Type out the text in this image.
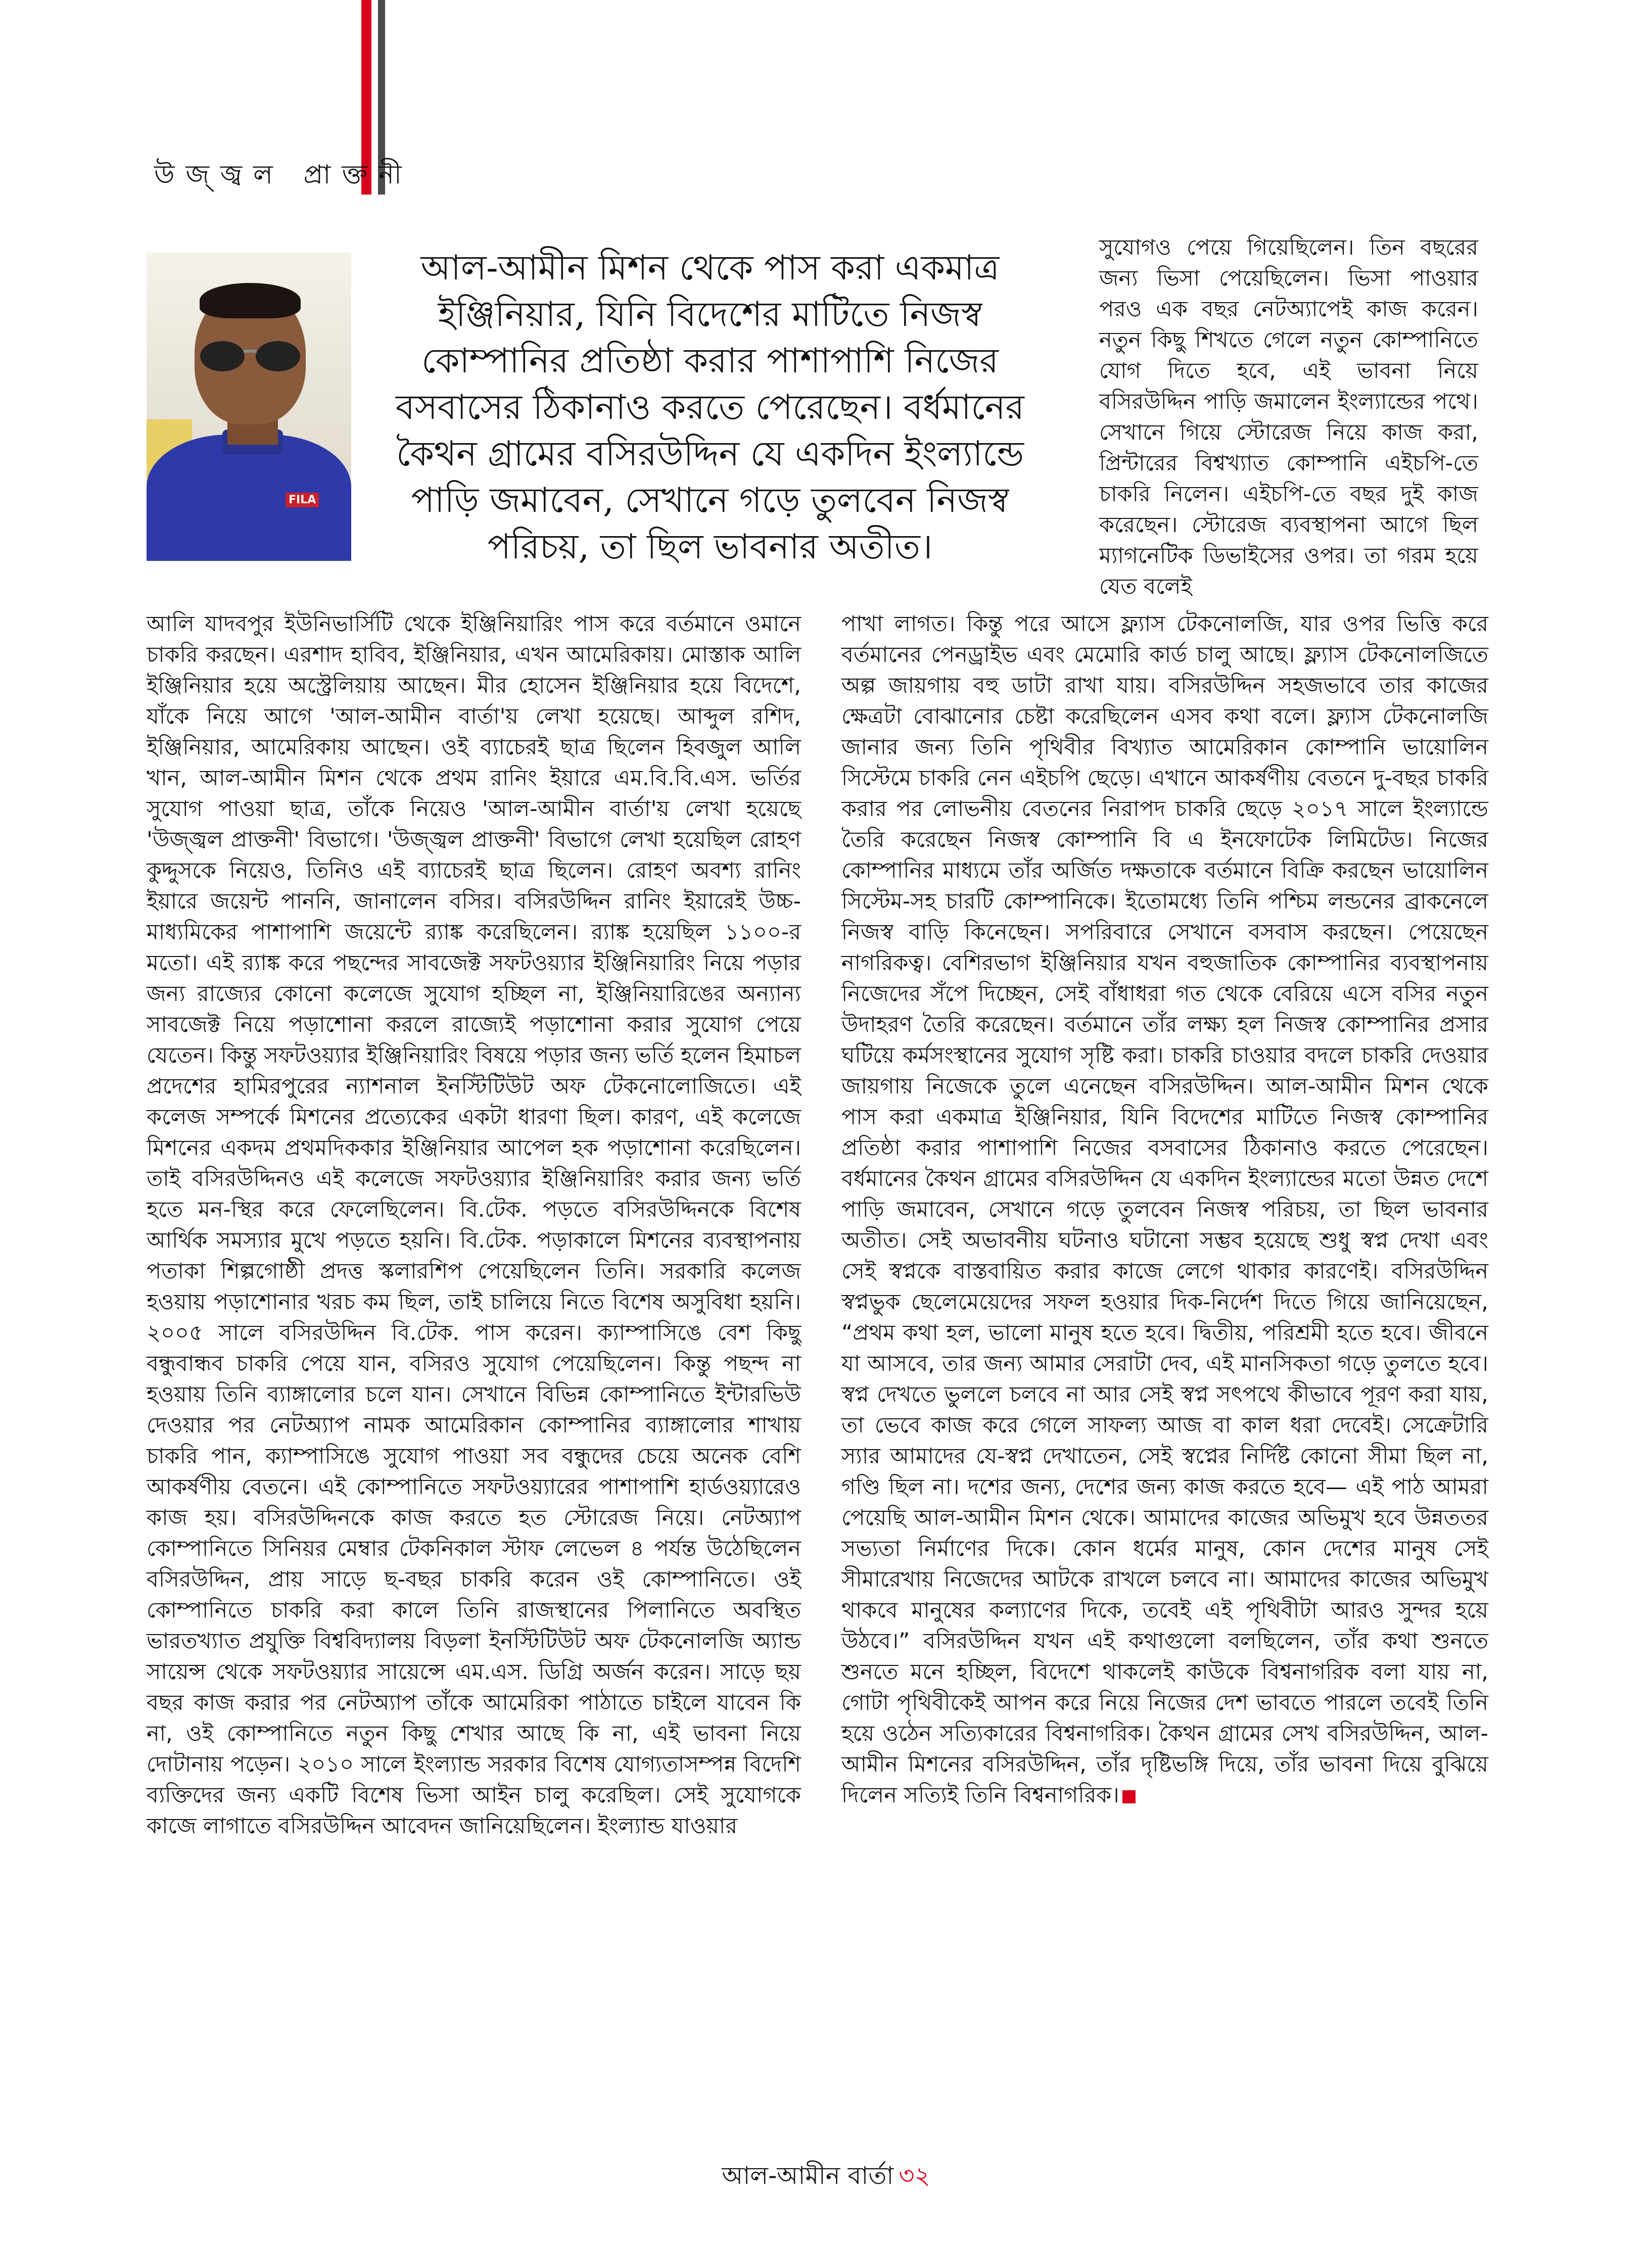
উজ্জ্বল প্রাক্তনী
FILA
আল-আমীন মিশন থেকে পাস করা একমাত্র ইঞ্জিনিয়ার, যিনি বিদেশের মাটিতে নিজস্ব কোম্পানির প্রতিষ্ঠা করার পাশাপাশি নিজের বসবাসের ঠিকানাও করতে পেরেছেন। বর্ধমানের কৈথন গ্রামের বসিরউদ্দিন যে একদিন ইংল্যান্ডে পাড়ি জমাবেন, সেখানে গড়ে তুলবেন নিজস্ব পরিচয়, তা ছিল ভাবনার অতীত।
সুযোগও পেয়ে গিয়েছিলেন। তিন বছরের জন্য ভিসা পেয়েছিলেন। ভিসা পাওয়ার পরও এক বছর নেটঅ্যাপেই কাজ করেন। নতুন কিছু শিখতে গেলে নতুন কোম্পানিতে যোগ দিতে হবে, এই ভাবনা নিয়ে বসিরউদ্দিন পাড়ি জমালেন ইংল্যান্ডের পথে। সেখানে গিয়ে স্টোরেজ নিয়ে কাজ করা, প্রিন্টারের বিশ্বখ্যাত কোম্পানি এইচপি-তে চাকরি নিলেন। এইচপি-তে বছর দুই কাজ করেছেন। স্টোরেজ ব্যবস্থাপনা আগে ছিল ম্যাগনেটিক ডিভাইসের ওপর। তা গরম হয়ে যেত বলেই
আলি যাদবপুর ইউনিভার্সিটি থেকে ইঞ্জিনিয়ারিং পাস করে বর্তমানে ওমানে চাকরি করছেন। এরশাদ হাবিব, ইঞ্জিনিয়ার, এখন আমেরিকায়। মোস্তাক আলি ইঞ্জিনিয়ার হয়ে অস্ট্রেলিয়ায় আছেন। মীর হোসেন ইঞ্জিনিয়ার হয়ে বিদেশে, যাঁকে নিয়ে আগে 'আল-আমীন বার্তা'য় লেখা হয়েছে। আব্দুল রশিদ, ইঞ্জিনিয়ার, আমেরিকায় আছেন। ওই ব্যাচেরই ছাত্র ছিলেন হিবজুল আলি খান, আল-আমীন মিশন থেকে প্রথম রানিং ইয়ারে এম.বি.বি.এস. ভর্তির সুযোগ পাওয়া ছাত্র, তাঁকে নিয়েও 'আল-আমীন বার্তা'য় লেখা হয়েছে 'উজ্জ্বল প্রাক্তনী' বিভাগে। 'উজ্জ্বল প্রাক্তনী' বিভাগে লেখা হয়েছিল রোহণ কুদ্দুসকে নিয়েও, তিনিও এই ব্যাচেরই ছাত্র ছিলেন। রোহণ অবশ্য রানিং ইয়ারে জয়েন্ট পাননি, জানালেন বসির। বসিরউদ্দিন রানিং ইয়ারেই উচ্চ-মাধ্যমিকের পাশাপাশি জয়েন্টে র‍্যাঙ্ক করেছিলেন। র‍্যাঙ্ক হয়েছিল ১১০০-র মতো। এই র‍্যাঙ্ক করে পছন্দের সাবজেক্ট সফটওয়্যার ইঞ্জিনিয়ারিং নিয়ে পড়ার জন্য রাজ্যের কোনো কলেজে সুযোগ হচ্ছিল না, ইঞ্জিনিয়ারিঙের অন্যান্য সাবজেক্ট নিয়ে পড়াশোনা করলে রাজ্যেই পড়াশোনা করার সুযোগ পেয়ে যেতেন। কিন্তু সফটওয়্যার ইঞ্জিনিয়ারিং বিষয়ে পড়ার জন্য ভর্তি হলেন হিমাচল প্রদেশের হামিরপুরের ন্যাশনাল ইনস্টিটিউট অফ টেকনোলোজিতে। এই কলেজ সম্পর্কে মিশনের প্রত্যেকের একটা ধারণা ছিল। কারণ, এই কলেজে মিশনের একদম প্রথমদিককার ইঞ্জিনিয়ার আপেল হক পড়াশোনা করেছিলেন। তাই বসিরউদ্দিনও এই কলেজে সফটওয়্যার ইঞ্জিনিয়ারিং করার জন্য ভর্তি হতে মন-স্থির করে ফেলেছিলেন। বি.টেক. পড়তে বসিরউদ্দিনকে বিশেষ আর্থিক সমস্যার মুখে পড়তে হয়নি। বি.টেক. পড়াকালে মিশনের ব্যবস্থাপনায় পতাকা শিল্পগোষ্ঠী প্রদত্ত স্কলারশিপ পেয়েছিলেন তিনি। সরকারি কলেজ হওয়ায় পড়াশোনার খরচ কম ছিল, তাই চালিয়ে নিতে বিশেষ অসুবিধা হয়নি। ২০০৫ সালে বসিরউদ্দিন বি.টেক. পাস করেন। ক্যাম্পাসিঙে বেশ কিছু বন্ধুবান্ধব চাকরি পেয়ে যান, বসিরও সুযোগ পেয়েছিলেন। কিন্তু পছন্দ না হওয়ায় তিনি ব্যাঙ্গালোর চলে যান। সেখানে বিভিন্ন কোম্পানিতে ইন্টারভিউ দেওয়ার পর নেটঅ্যাপ নামক আমেরিকান কোম্পানির ব্যাঙ্গালোর শাখায় চাকরি পান, ক্যাম্পাসিঙে সুযোগ পাওয়া সব বন্ধুদের চেয়ে অনেক বেশি আকর্ষণীয় বেতনে। এই কোম্পানিতে সফটওয়্যারের পাশাপাশি হার্ডওয়্যারেও কাজ হয়। বসিরউদ্দিনকে কাজ করতে হত স্টোরেজ নিয়ে। নেটঅ্যাপ কোম্পানিতে সিনিয়র মেম্বার টেকনিকাল স্টাফ লেভেল ৪ পর্যন্ত উঠেছিলেন বসিরউদ্দিন, প্রায় সাড়ে ছ-বছর চাকরি করেন ওই কোম্পানিতে। ওই কোম্পানিতে চাকরি করা কালে তিনি রাজস্থানের পিলানিতে অবস্থিত ভারতখ্যাত প্রযুক্তি বিশ্ববিদ্যালয় বিড়লা ইনস্টিটিউট অফ টেকনোলজি অ্যান্ড সায়েন্স থেকে সফটওয়্যার সায়েন্সে এম.এস. ডিগ্রি অর্জন করেন। সাড়ে ছয় বছর কাজ করার পর নেটঅ্যাপ তাঁকে আমেরিকা পাঠাতে চাইলে যাবেন কি না, ওই কোম্পানিতে নতুন কিছু শেখার আছে কি না, এই ভাবনা নিয়ে দোটানায় পড়েন। ২০১০ সালে ইংল্যান্ড সরকার বিশেষ যোগ্যতাসম্পন্ন বিদেশি ব্যক্তিদের জন্য একটি বিশেষ ভিসা আইন চালু করেছিল। সেই সুযোগকে কাজে লাগাতে বসিরউদ্দিন আবেদন জানিয়েছিলেন। ইংল্যান্ড যাওয়ার
পাখা লাগত। কিন্তু পরে আসে ফ্ল্যাস টেকনোলজি, যার ওপর ভিত্তি করে বর্তমানের পেনড্রাইভ এবং মেমোরি কার্ড চালু আছে। ফ্ল্যাস টেকনোলজিতে অল্প জায়গায় বহু ডাটা রাখা যায়। বসিরউদ্দিন সহজভাবে তার কাজের ক্ষেত্রটা বোঝানোর চেষ্টা করেছিলেন এসব কথা বলে। ফ্ল্যাস টেকনোলজি জানার জন্য তিনি পৃথিবীর বিখ্যাত আমেরিকান কোম্পানি ভায়োলিন সিস্টেমে চাকরি নেন এইচপি ছেড়ে। এখানে আকর্ষণীয় বেতনে দু-বছর চাকরি করার পর লোভনীয় বেতনের নিরাপদ চাকরি ছেড়ে ২০১৭ সালে ইংল্যান্ডে তৈরি করেছেন নিজস্ব কোম্পানি বি এ ইনফোটেক লিমিটেড। নিজের কোম্পানির মাধ্যমে তাঁর অর্জিত দক্ষতাকে বর্তমানে বিক্রি করছেন ভায়োলিন সিস্টেম-সহ চারটি কোম্পানিকে। ইতোমধ্যে তিনি পশ্চিম লন্ডনের ব্রাকনেলে নিজস্ব বাড়ি কিনেছেন। সপরিবারে সেখানে বসবাস করছেন। পেয়েছেন নাগরিকত্ব। বেশিরভাগ ইঞ্জিনিয়ার যখন বহুজাতিক কোম্পানির ব্যবস্থাপনায় নিজেদের সঁপে দিচ্ছেন, সেই বাঁধাধরা গত থেকে বেরিয়ে এসে বসির নতুন উদাহরণ তৈরি করেছেন। বর্তমানে তাঁর লক্ষ্য হল নিজস্ব কোম্পানির প্রসার ঘটিয়ে কর্মসংস্থানের সুযোগ সৃষ্টি করা। চাকরি চাওয়ার বদলে চাকরি দেওয়ার জায়গায় নিজেকে তুলে এনেছেন বসিরউদ্দিন। আল-আমীন মিশন থেকে পাস করা একমাত্র ইঞ্জিনিয়ার, যিনি বিদেশের মাটিতে নিজস্ব কোম্পানির প্রতিষ্ঠা করার পাশাপাশি নিজের বসবাসের ঠিকানাও করতে পেরেছেন। বর্ধমানের কৈথন গ্রামের বসিরউদ্দিন যে একদিন ইংল্যান্ডের মতো উন্নত দেশে পাড়ি জমাবেন, সেখানে গড়ে তুলবেন নিজস্ব পরিচয়, তা ছিল ভাবনার অতীত। সেই অভাবনীয় ঘটনাও ঘটানো সম্ভব হয়েছে শুধু স্বপ্ন দেখা এবং সেই স্বপ্নকে বাস্তবায়িত করার কাজে লেগে থাকার কারণেই। বসিরউদ্দিন স্বপ্নভুক ছেলেমেয়েদের সফল হওয়ার দিক-নির্দেশ দিতে গিয়ে জানিয়েছেন, “প্রথম কথা হল, ভালো মানুষ হতে হবে। দ্বিতীয়, পরিশ্রমী হতে হবে। জীবনে যা আসবে, তার জন্য আমার সেরাটা দেব, এই মানসিকতা গড়ে তুলতে হবে। স্বপ্ন দেখতে ভুললে চলবে না আর সেই স্বপ্ন সৎপথে কীভাবে পূরণ করা যায়, তা ভেবে কাজ করে গেলে সাফল্য আজ বা কাল ধরা দেবেই। সেক্রেটারি স্যার আমাদের যে-স্বপ্ন দেখাতেন, সেই স্বপ্নের নির্দিষ্ট কোনো সীমা ছিল না, গণ্ডি ছিল না। দশের জন্য, দেশের জন্য কাজ করতে হবে— এই পাঠ আমরা পেয়েছি আল-আমীন মিশন থেকে। আমাদের কাজের অভিমুখ হবে উন্নততর সভ্যতা নির্মাণের দিকে। কোন ধর্মের মানুষ, কোন দেশের মানুষ সেই সীমারেখায় নিজেদের আটকে রাখলে চলবে না। আমাদের কাজের অভিমুখ থাকবে মানুষের কল্যাণের দিকে, তবেই এই পৃথিবীটা আরও সুন্দর হয়ে উঠবে।” বসিরউদ্দিন যখন এই কথাগুলো বলছিলেন, তাঁর কথা শুনতে শুনতে মনে হচ্ছিল, বিদেশে থাকলেই কাউকে বিশ্বনাগরিক বলা যায় না, গোটা পৃথিবীকেই আপন করে নিয়ে নিজের দেশ ভাবতে পারলে তবেই তিনি হয়ে ওঠেন সত্যিকারের বিশ্বনাগরিক। কৈথন গ্রামের সেখ বসিরউদ্দিন, আল-আমীন মিশনের বসিরউদ্দিন, তাঁর দৃষ্টিভঙ্গি দিয়ে, তাঁর ভাবনা দিয়ে বুঝিয়ে দিলেন সত্যিই তিনি বিশ্বনাগরিক।
আল-আমীন বার্তা ৩২
